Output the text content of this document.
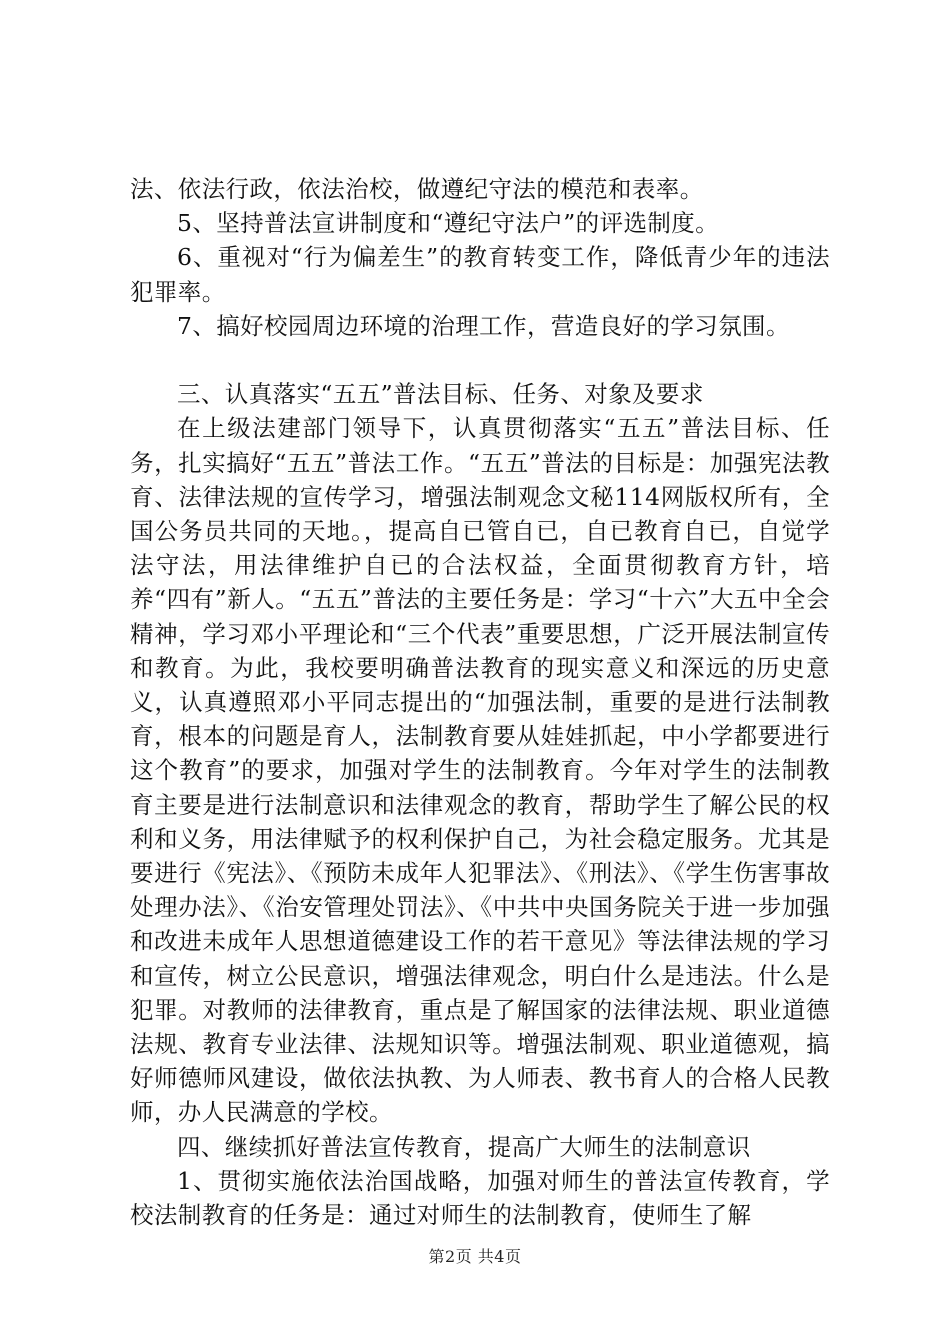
法、依法行政，依法治校，做遵纪守法的模范和表率。

5、坚持普法宣讲制度和“遵纪守法户”的评选制度。

6、重视对“行为偏差生”的教育转变工作，降低青少年的违法犯罪率。

7、搞好校园周边环境的治理工作，营造良好的学习氛围。

三、认真落实“五五”普法目标、任务、对象及要求

在上级法建部门领导下，认真贯彻落实“五五”普法目标、任务，扎实搞好“五五”普法工作。“五五”普法的目标是：加强宪法教育、法律法规的宣传学习，增强法制观念文秘114网版权所有，全国公务员共同的天地。，提高自已管自已，自已教育自已，自觉学法守法，用法律维护自已的合法权益，全面贯彻教育方针，培养“四有”新人。“五五”普法的主要任务是：学习“十六”大五中全会精神，学习邓小平理论和“三个代表”重要思想，广泛开展法制宣传和教育。为此，我校要明确普法教育的现实意义和深远的历史意义，认真遵照邓小平同志提出的“加强法制，重要的是进行法制教育，根本的问题是育人，法制教育要从娃娃抓起，中小学都要进行这个教育”的要求，加强对学生的法制教育。今年对学生的法制教育主要是进行法制意识和法律观念的教育，帮助学生了解公民的权利和义务，用法律赋予的权利保护自己，为社会稳定服务。尤其是要进行《宪法》、《预防未成年人犯罪法》、《刑法》、《学生伤害事故处理办法》、《治安管理处罚法》、《中共中央国务院关于进一步加强和改进未成年人思想道德建设工作的若干意见》等法律法规的学习和宣传，树立公民意识，增强法律观念，明白什么是违法。什么是犯罪。对教师的法律教育，重点是了解国家的法律法规、职业道德法规、教育专业法律、法规知识等。增强法制观、职业道德观，搞好师德师风建设，做依法执教、为人师表、教书育人的合格人民教师，办人民满意的学校。

四、继续抓好普法宣传教育，提高广大师生的法制意识

1、贯彻实施依法治国战略，加强对师生的普法宣传教育，学校法制教育的任务是：通过对师生的法制教育，使师生了解

第2页 共4页
